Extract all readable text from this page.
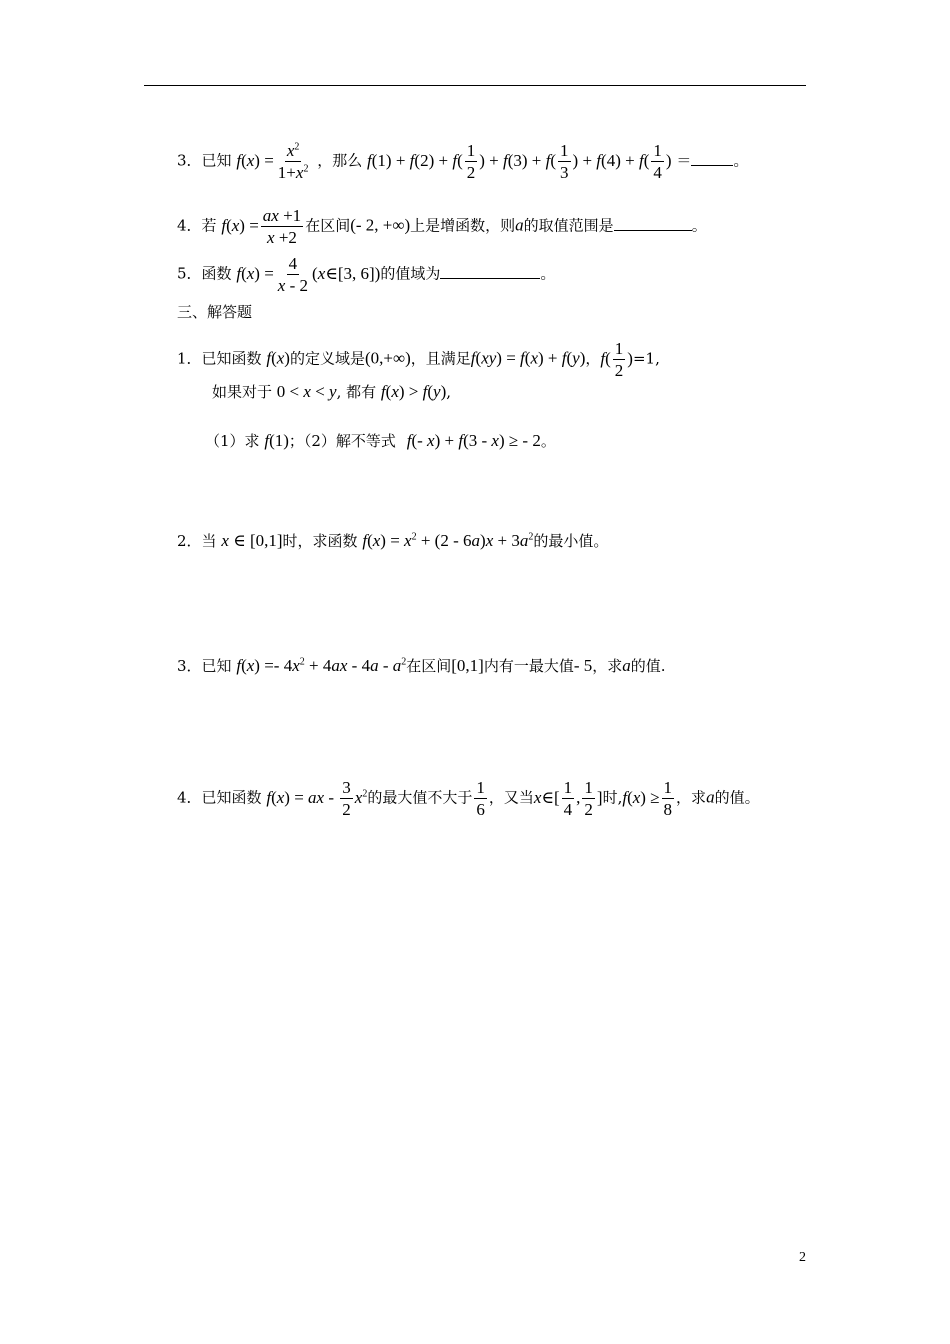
3．已知 $f(x) = \frac{x^2}{1+x^2}$ ，那么 $f(1) + f(2) + f( \frac{1}{2}$ ) + $f(3) + f( \frac{1}{3}$ ) + $f(4) + f( \frac{1}{4}$ ) ＝	。
4．若 $f(x) = \frac{ax +1}{x +2}$ 在区间(- 2, +∞)上是增函数，则a的取值范围是	。
5．函数 $f(x) = \frac{4}{x - 2}$ (x∈[3, 6])的值域为	。
三、解答题
1．已知函数 f(x)的定义域是(0,+∞)，且满足f(xy) = f(x) + f(y)，$f( \frac{1}{2} )=1$,
如果对于 0 < x < y, 都有 f(x) > f(y),
（1）求 f(1)；（2）解不等式 f(- x) + f(3 - x) ≥ - 2。
2．当 x ∈ [0,1]时，求函数 $f(x) = x^2 + (2 - 6a)x + 3a^2$的最小值。
3．已知 $f(x) =- 4x^2 + 4ax - 4a - a^2$在区间[0,1]内有一最大值- 5，求a的值.
4．已知函数 f(x) = ax - $\frac{3}{2} x^2$的最大值不大于 $\frac{1}{6}$ ，又当x∈[ $\frac{1}{4}$ , $\frac{1}{2}$ ]时$,f(x) \ge \frac{1}{8}$ ，求a的值。
2
